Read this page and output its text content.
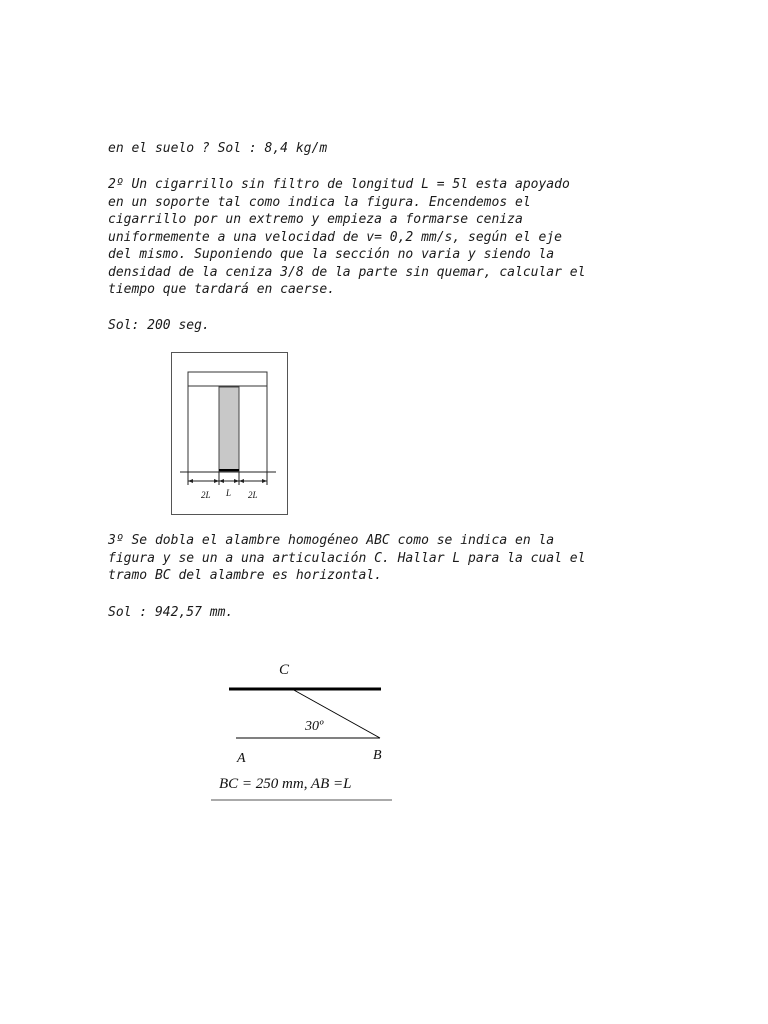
en el suelo ? Sol : 8,4 kg/m
2º Un cigarrillo sin filtro de longitud L = 5l esta apoyado
en un soporte tal como indica la figura. Encendemos el
cigarrillo por un extremo y empieza a formarse ceniza
uniformemente a una velocidad de v= 0,2 mm/s, según el eje
del mismo. Suponiendo que la sección no varia y siendo la
densidad de la ceniza 3/8 de la parte sin quemar, calcular el
tiempo que tardará en caerse.
Sol: 200 seg.
2L L 2L
3º Se dobla el alambre homogéneo ABC como se indica en la
figura y se un a una articulación C. Hallar L para la cual el
tramo BC del alambre es horizontal.
Sol : 942,57 mm.
C
30º
A	B
BC = 250 mm, AB =L
